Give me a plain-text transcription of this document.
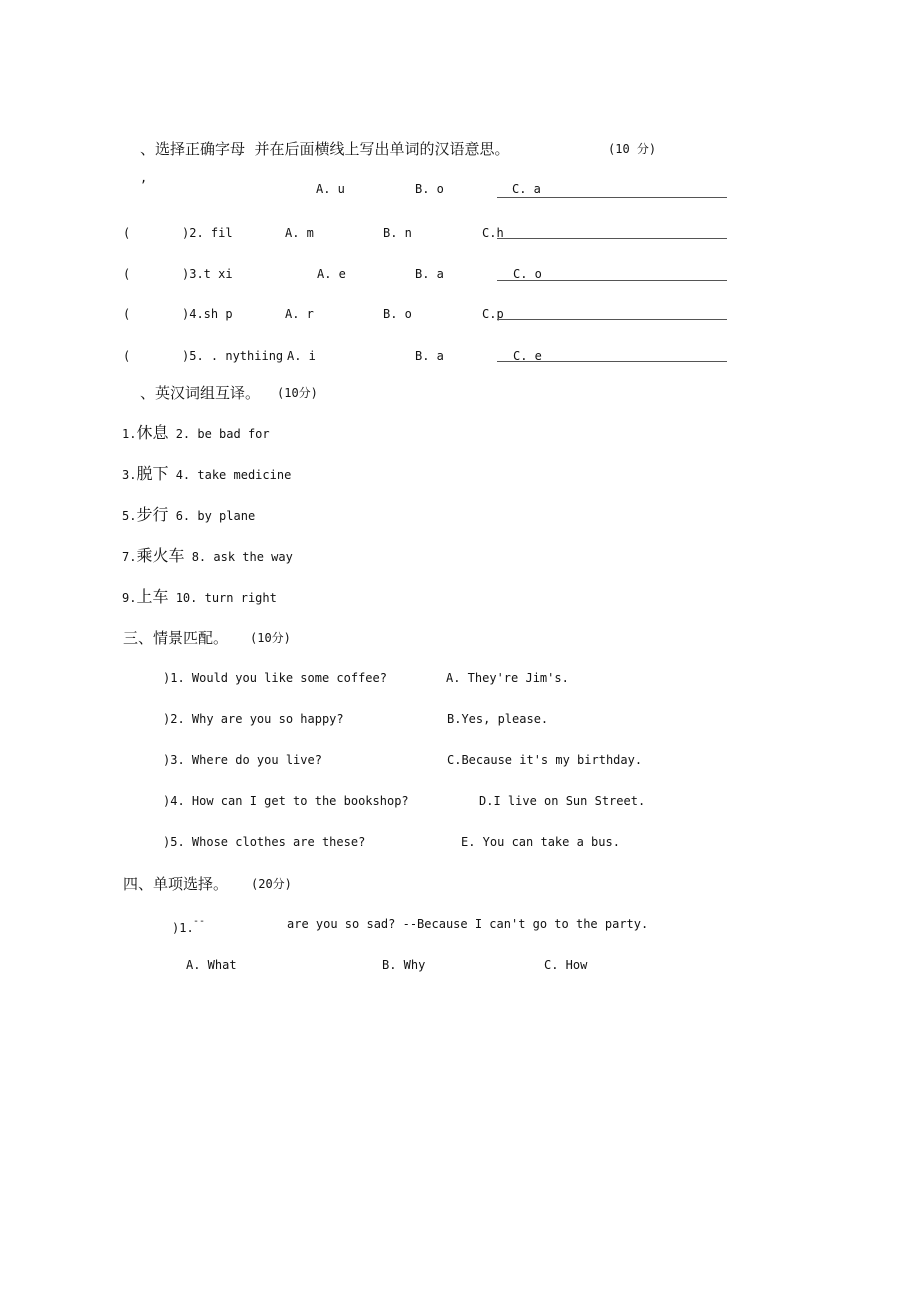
、选择正确字母  并在后面横线上写出单词的汉语意思。	(10 分)
,
A. u	B. o	C. a
(	)2. fil	A. m	B. n	C.h
(	)3.t xi	A. e	B. a	C. o
(	)4.sh p	A. r	B. o	C.p
(	)5. . nythiing A. i	B. a	C. e
、英汉词组互译。 (10分)
1.休息 2. be bad for
3.脱下 4. take medicine
5.步行 6. by plane
7.乘火车 8. ask the way
9.上车 10. turn right
三、情景匹配。 (10分)
)1. Would you like some coffee?	A. They're Jim's.
)2. Why are you so happy?	B.Yes, please.
)3. Where do you live?	C.Because it's my birthday.
)4. How can I get to the bookshop?	D.I live on Sun Street.
)5. Whose clothes are these?	E. You can take a bus.
四、单项选择。 (20分)
)1. --	are you so sad? --Because I can't go to the party.
A. What	B. Why	C. How
